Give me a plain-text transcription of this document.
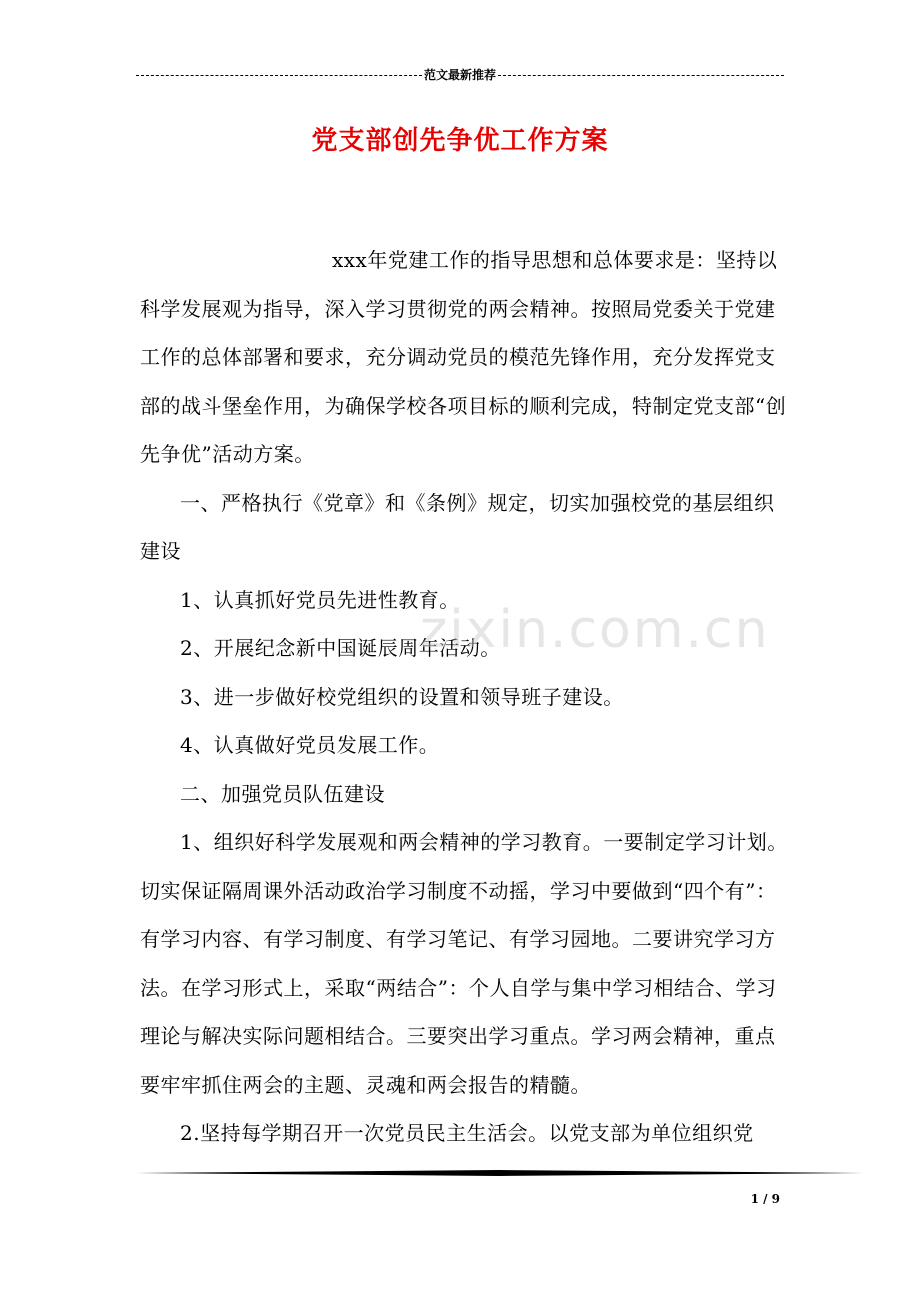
范文最新推荐
党支部创先争优工作方案

xxx年党建工作的指导思想和总体要求是：坚持以科学发展观为指导，深入学习贯彻党的两会精神。按照局党委关于党建工作的总体部署和要求，充分调动党员的模范先锋作用，充分发挥党支部的战斗堡垒作用，为确保学校各项目标的顺利完成，特制定党支部“创先争优”活动方案。

一、严格执行《党章》和《条例》规定，切实加强校党的基层组织建设

1、认真抓好党员先进性教育。

2、开展纪念新中国诞辰周年活动。

3、进一步做好校党组织的设置和领导班子建设。

4、认真做好党员发展工作。

二、加强党员队伍建设

1、组织好科学发展观和两会精神的学习教育。一要制定学习计划。切实保证隔周课外活动政治学习制度不动摇，学习中要做到“四个有”：有学习内容、有学习制度、有学习笔记、有学习园地。二要讲究学习方法。在学习形式上，采取“两结合”：个人自学与集中学习相结合、学习理论与解决实际问题相结合。三要突出学习重点。学习两会精神，重点要牢牢抓住两会的主题、灵魂和两会报告的精髓。

2.坚持每学期召开一次党员民主生活会。以党支部为单位组织党

zixin.com.cn
1 / 9
